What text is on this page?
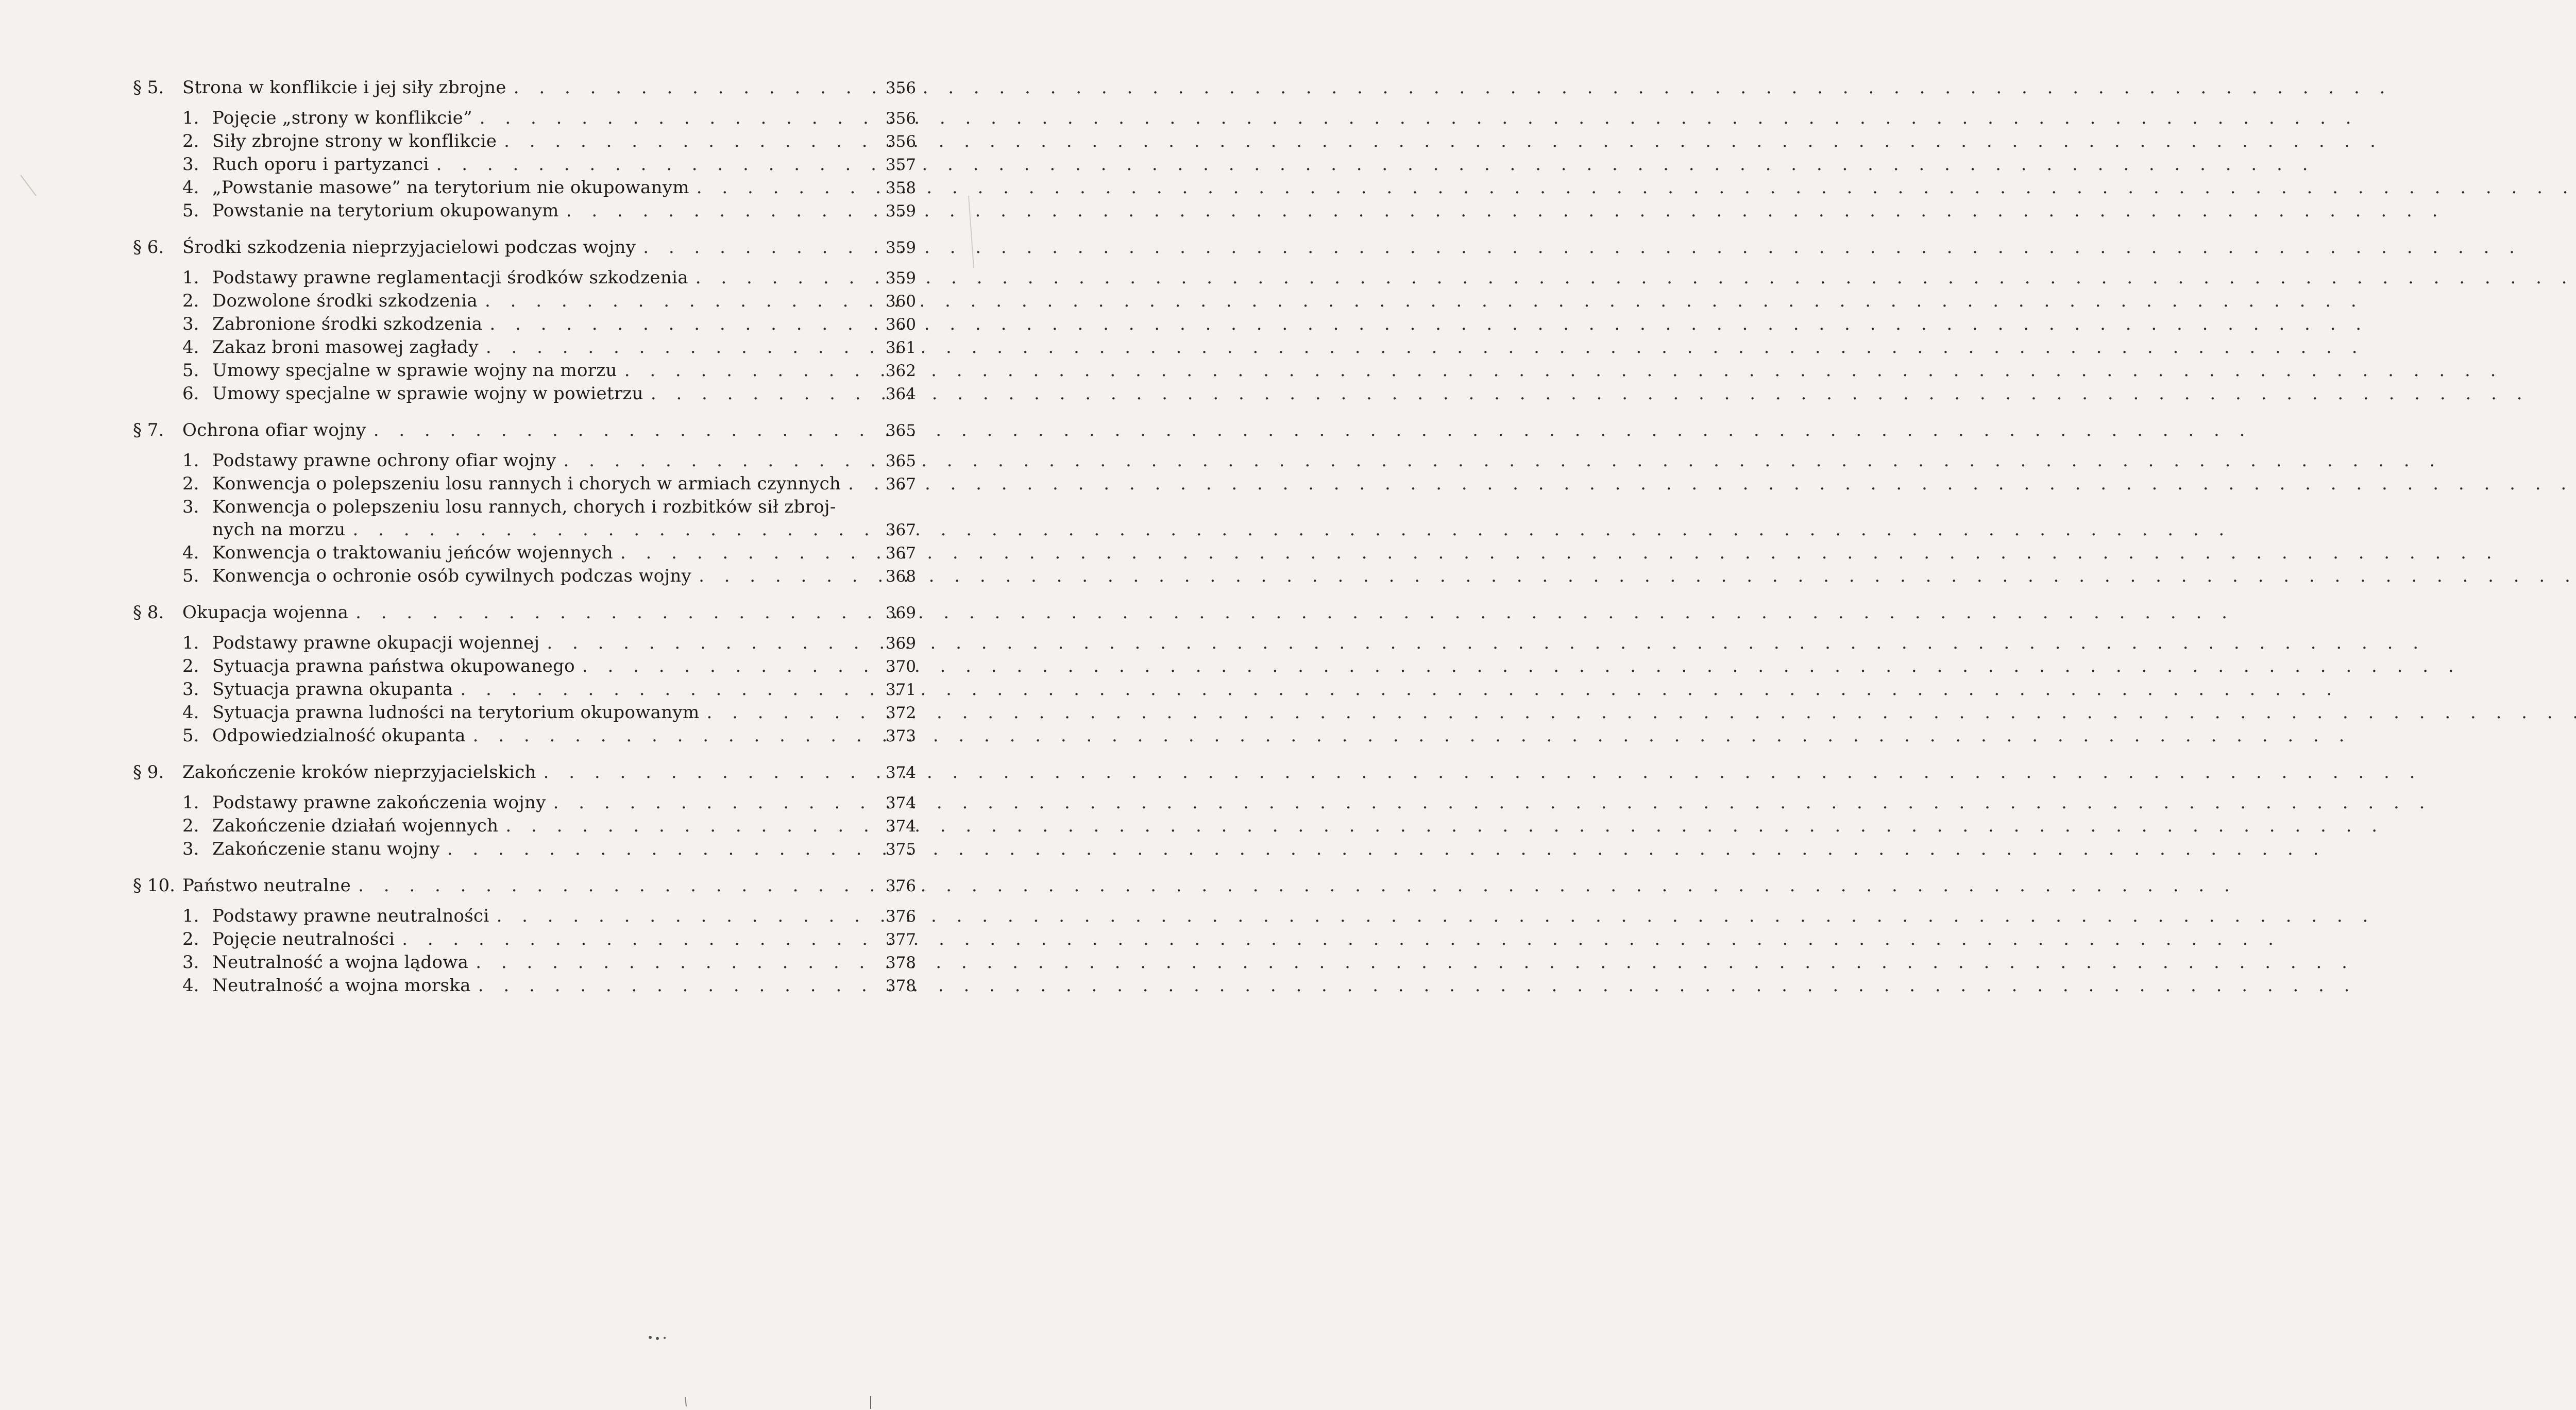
§ 5.	Strona w konflikcie i jej siły zbrojne . . .	356
1. Pojęcie „strony w konflikcie” . . .	356
2. Siły zbrojne strony w konflikcie . . .	356
3. Ruch oporu i partyzanci . . .	357
4. „Powstanie masowe” na terytorium nie okupowanym . . .	358
5. Powstanie na terytorium okupowanym . . .	359
§ 6.	Środki szkodzenia nieprzyjacielowi podczas wojny . . .	359
1. Podstawy prawne reglamentacji środków szkodzenia . . .	359
2. Dozwolone środki szkodzenia . . .	360
3. Zabronione środki szkodzenia . . .	360
4. Zakaz broni masowej zagłady . . .	361
5. Umowy specjalne w sprawie wojny na morzu . . .	362
6. Umowy specjalne w sprawie wojny w powietrzu . . .	364
§ 7.	Ochrona ofiar wojny . . .	365
1. Podstawy prawne ochrony ofiar wojny . . .	365
2. Konwencja o polepszeniu losu rannych i chorych w armiach czynnych . . .	367
3. Konwencja o polepszeniu losu rannych, chorych i rozbitków sił zbroj-
nych na morzu . . .	367
4. Konwencja o traktowaniu jeńców wojennych . . .	367
5. Konwencja o ochronie osób cywilnych podczas wojny . . .	368
§ 8.	Okupacja wojenna . . .	369
1. Podstawy prawne okupacji wojennej . . .	369
2. Sytuacja prawna państwa okupowanego . . .	370
3. Sytuacja prawna okupanta . . .	371
4. Sytuacja prawna ludności na terytorium okupowanym . . .	372
5. Odpowiedzialność okupanta . . .	373
§ 9.	Zakończenie kroków nieprzyjacielskich . . .	374
1. Podstawy prawne zakończenia wojny . . .	374
2. Zakończenie działań wojennych . . .	374
3. Zakończenie stanu wojny . . .	375
§ 10. Państwo neutralne . . .	376
1. Podstawy prawne neutralności . . .	376
2. Pojęcie neutralności . . .	377
3. Neutralność a wojna lądowa . . .	378
4. Neutralność a wojna morska . . .	378
